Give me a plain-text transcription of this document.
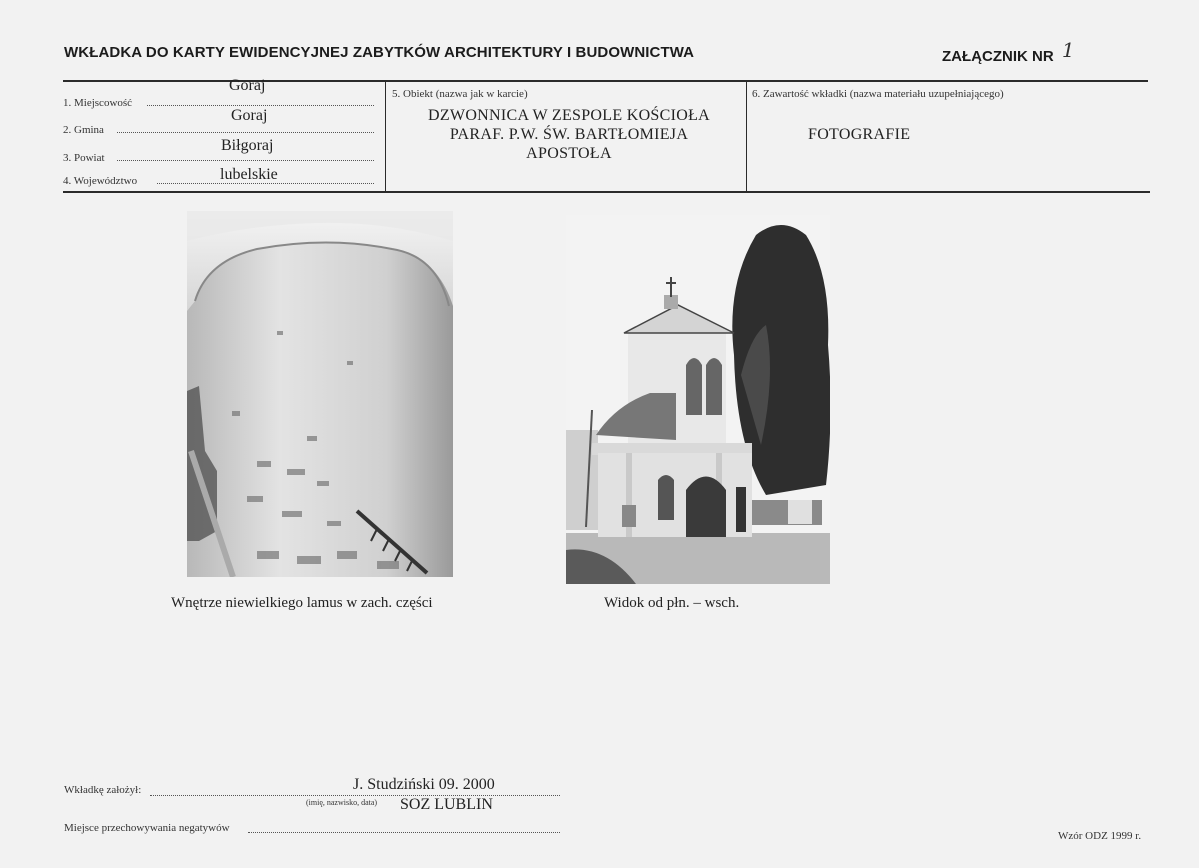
WKŁADKA DO KARTY EWIDENCYJNEJ ZABYTKÓW ARCHITEKTURY I BUDOWNICTWA	ZAŁĄCZNIK NR 1
1. Miejscowość
Goraj
2. Gmina
Goraj
3. Powiat
Biłgoraj
4. Województwo	lubelskie
5. Obiekt (nazwa jak w karcie)
DZWONNICA W ZESPOLE KOŚCIOŁA
PARAF. P.W. ŚW. BARTŁOMIEJA
APOSTOŁA
6. Zawartość wkładki (nazwa materiału uzupełniającego)
FOTOGRAFIE
Wnętrze niewielkiego lamus w zach. części	Widok od płn. – wsch.
Wkładkę założył:	J. Studziński 09. 2000
(imię, nazwisko, data) SOZ LUBLIN
Miejsce przechowywania negatywów
Wzór ODZ 1999 r.
